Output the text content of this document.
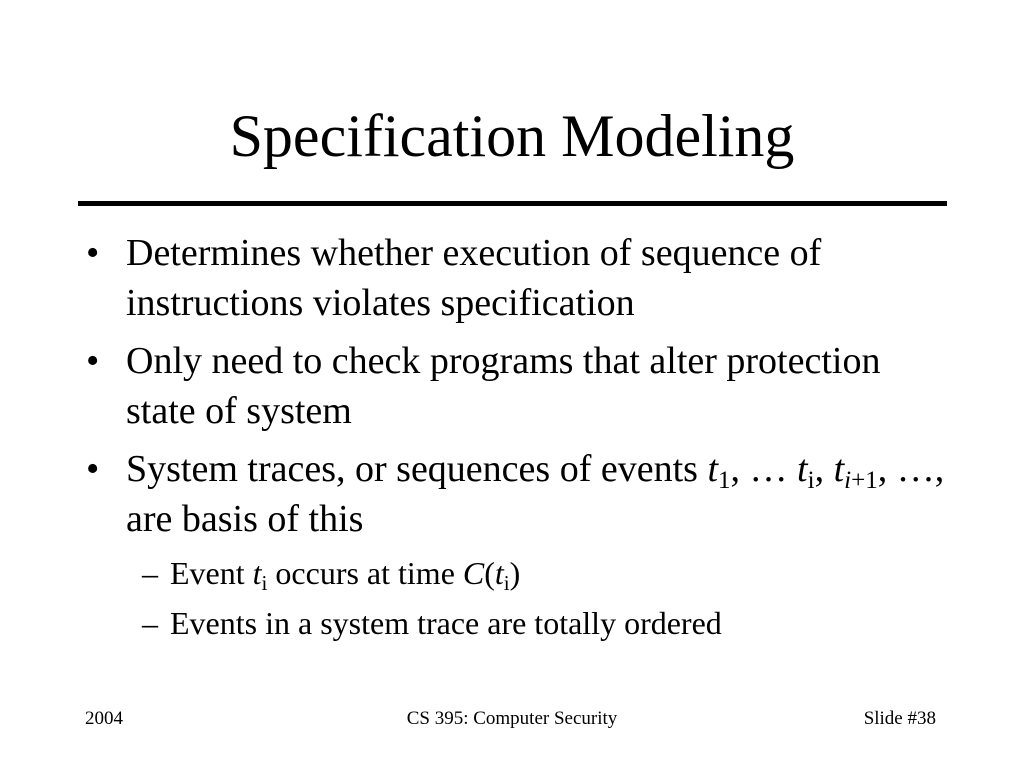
Specification Modeling
• Determines whether execution of sequence of instructions violates specification
• Only need to check programs that alter protection state of system
• System traces, or sequences of events $t_1$, … $t_i$, $t_{i+1}$, …, are basis of this
– Event $t_i$ occurs at time $C(t_i)$
– Events in a system trace are totally ordered
2004	CS 395: Computer Security	Slide #38
